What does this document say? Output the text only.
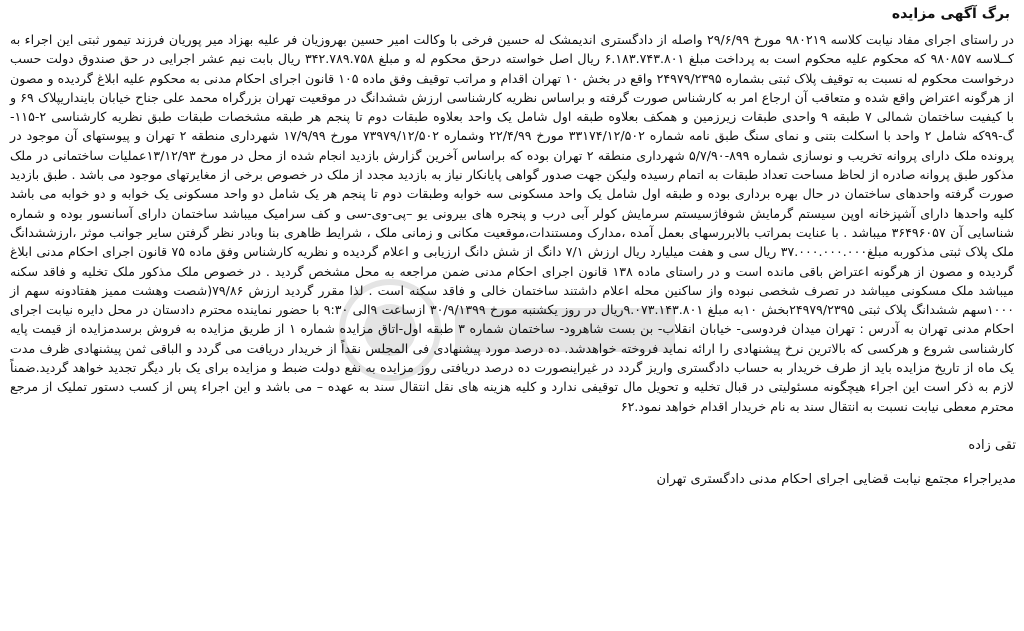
برگ آگهی مزایده

در راستای اجرای مفاد نیابت کلاسه ۹۸۰۲۱۹ مورخ ۲۹/۶/۹۹ واصله از دادگستری اندیمشک له حسین فرخی با وکالت امیر حسین بهروزیان فر علیه بهزاد میر پوریان فرزند تیمور ثبتی این اجراء به کــلاسه ۹۸۰۸۵۷ که محکوم علیه محکوم است به پرداخت مبلغ ۶.۱۸۳.۷۴۳.۸۰۱ ریال اصل خواسته درحق محکوم له و مبلغ ۳۴۲.۷۸۹.۷۵۸ ریال بابت نیم عشر اجرایی در حق صندوق دولت حسب درخواست محکوم له نسبت به توقیف پلاک ثبتی بشماره ۲۴۹۷۹/۲۳۹۵ واقع در بخش ۱۰ تهران اقدام و مراتب توقیف وفق ماده ۱۰۵ قانون اجرای احکام مدنی به محکوم علیه ابلاغ گردیده و مصون از هرگونه اعتراض واقع شده و متعاقب آن ارجاع امر به کارشناس صورت گرفته و براساس نظریه کارشناسی ارزش ششدانگ در موقعیت تهران بزرگراه محمد علی جناح خیابان باینداریپلاک ۶۹ و با کیفیت ساختمان شمالی ۷ طبقه ۹ واحدی طبقات زیرزمین و همکف بعلاوه طبقه اول شامل یک واحد بعلاوه طبقات دوم تا پنجم هر طبقه مشخصات طبقات طبق نظریه کارشناسی ۲-۱۱۵-گ-۹۹که شامل ۲ واحد با اسکلت بتنی و نمای سنگ طبق نامه شماره ۳۳۱۷۴/۱۲/۵۰۲ مورخ ۲۲/۴/۹۹ وشماره ۷۳۹۷۹/۱۲/۵۰۲ مورخ ۱۷/۹/۹۹ شهرداری منطقه ۲ تهران و پیوستهای آن موجود در پرونده ملک دارای پروانه تخریب و نوسازی شماره ۸۹۹-۵/۷/۹۰ شهرداری منطقه ۲ تهران بوده که براساس آخرین گزارش بازدید انجام شده از محل در مورخ ۱۳/۱۲/۹۳عملیات ساختمانی در ملک مذکور طبق پروانه صادره از لحاظ مساحت تعداد طبقات به اتمام رسیده ولیکن جهت صدور گواهی پایانکار نیاز به بازدید مجدد از ملک در خصوص برخی از مغایرتهای موجود می باشد . طبق بازدید صورت گرفته واحدهای ساختمان در حال بهره برداری بوده و طبقه اول شامل یک واحد مسکونی سه خوابه وطبقات دوم تا پنجم هر یک شامل دو واحد مسکونی یک خوابه و دو خوابه می باشد کلیه واحدها دارای آشپزخانه اوپن سیستم گرمایش شوفاژسیستم سرمایش کولر آبی درب و پنجره های بیرونی یو –پی-وی-سی و کف سرامیک میباشد ساختمان دارای آسانسور بوده و شماره شناسایی آن ۳۶۴۹۶۰۵۷ میباشد . با عنایت بمراتب بالابررسهای بعمل آمده ،مدارک ومستندات،موقعیت مکانی و زمانی ملک ، شرایط ظاهری بنا وبادر نظر گرفتن سایر جوانب موثر ،ارزششدانگ ملک پلاک ثبتی مذکوربه مبلغ۳۷.۰۰۰.۰۰۰.۰۰۰ ریال سی و هفت میلیارد ریال ارزش ۷/۱ دانگ از شش دانگ ارزیابی و اعلام گردیده و نظریه کارشناس وفق ماده ۷۵ قانون اجرای احکام مدنی ابلاغ گردیده و مصون از هرگونه اعتراض باقی مانده است و در راستای ماده ۱۳۸ قانون اجرای احکام مدنی ضمن مراجعه به محل مشخص گردید . در خصوص ملک مذکور ملک تخلیه و فاقد سکنه میباشد ملک مسکونی میباشد در تصرف شخصی نبوده واز ساکنین محله اعلام داشتند ساختمان خالی و فاقد سکنه است . لذا مقرر گردید ارزش ۷۹/۸۶(شصت وهشت ممیز هفتادونه سهم از ۱۰۰۰سهم ششدانگ پلاک ثبتی ۲۴۹۷۹/۲۳۹۵بخش ۱۰به مبلغ ۹.۰۷۳.۱۴۳.۸۰۱ریال در روز یکشنبه مورخ ۳۰/۹/۱۳۹۹ ازساعت ۹الی ۹:۳۰ با حضور نماینده محترم دادستان در محل دایره نیابت اجرای احکام مدنی تهران به آدرس : تهران میدان فردوسی- خیابان انقلاب- بن بست شاهرود- ساختمان شماره ۳ طبقه اول-اتاق مزایده شماره ۱ از طریق مزایده به فروش برسدمزایده از قیمت پایه کارشناسی شروع و هرکسی که بالاترین نرخ پیشنهادی را ارائه نماید فروخته خواهدشد. ده درصد مورد پیشنهادی فی المجلس نقداً از خریدار دریافت می گردد و الباقی ثمن پیشنهادی ظرف مدت یک ماه از تاریخ مزایده باید از طرف خریدار به حساب دادگستری واریز گردد در غیراینصورت ده درصد دریافتی روز مزایده به نفع دولت ضبط و مزایده برای یک بار دیگر تجدید خواهد گردید.ضمناً لازم به ذکر است این اجراء هیچگونه مسئولیتی در قبال تخلیه و تحویل مال توقیفی ندارد و کلیه هزینه های نقل انتقال سند به عهده – می باشد و این اجراء پس از کسب دستور تملیک از مرجع محترم معطی نیابت نسبت به انتقال سند به نام خریدار اقدام خواهد نمود.۶۲

تقی زاده
مدیراجراء مجتمع نیابت قضایی اجرای احکام مدنی دادگستری تهران
